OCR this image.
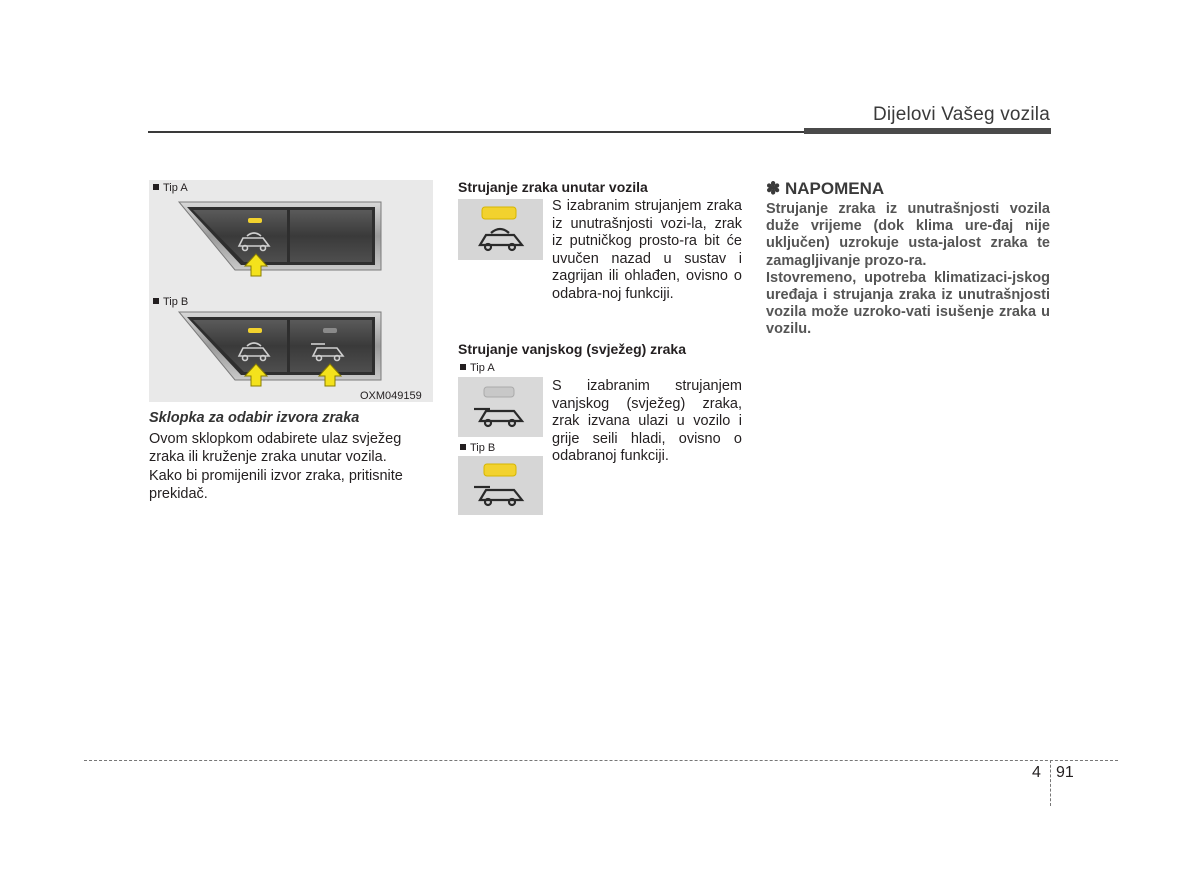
Dijelovi Vašeg vozila
Tip A
Tip B
OXM049159
Sklopka za odabir izvora zraka
Ovom sklopkom odabirete ulaz svježeg zraka ili kruženje zraka unutar vozila.
Kako bi promijenili izvor zraka, pritisnite prekidač.
Strujanje zraka unutar vozila
S izabranim strujanjem zraka iz unutrašnjosti vozi-la, zrak iz putničkog prosto-ra bit će uvučen nazad u sustav i zagrijan ili ohlađen, ovisno o odabra-noj funkciji.
Strujanje vanjskog (svježeg) zraka
Tip A
Tip B
S izabranim strujanjem vanjskog (svježeg) zraka, zrak izvana ulazi u vozilo i grije seili hladi, ovisno o odabranoj funkciji.
✽ NAPOMENA

Strujanje zraka iz unutrašnjosti vozila duže vrijeme (dok klima ure-đaj nije uključen) uzrokuje usta-jalost zraka te zamagljivanje prozo-ra.

Istovremeno, upotreba klimatizaci-jskog uređaja i strujanja zraka iz unutrašnjosti vozila može uzroko-vati isušenje zraka u vozilu.

4 91
